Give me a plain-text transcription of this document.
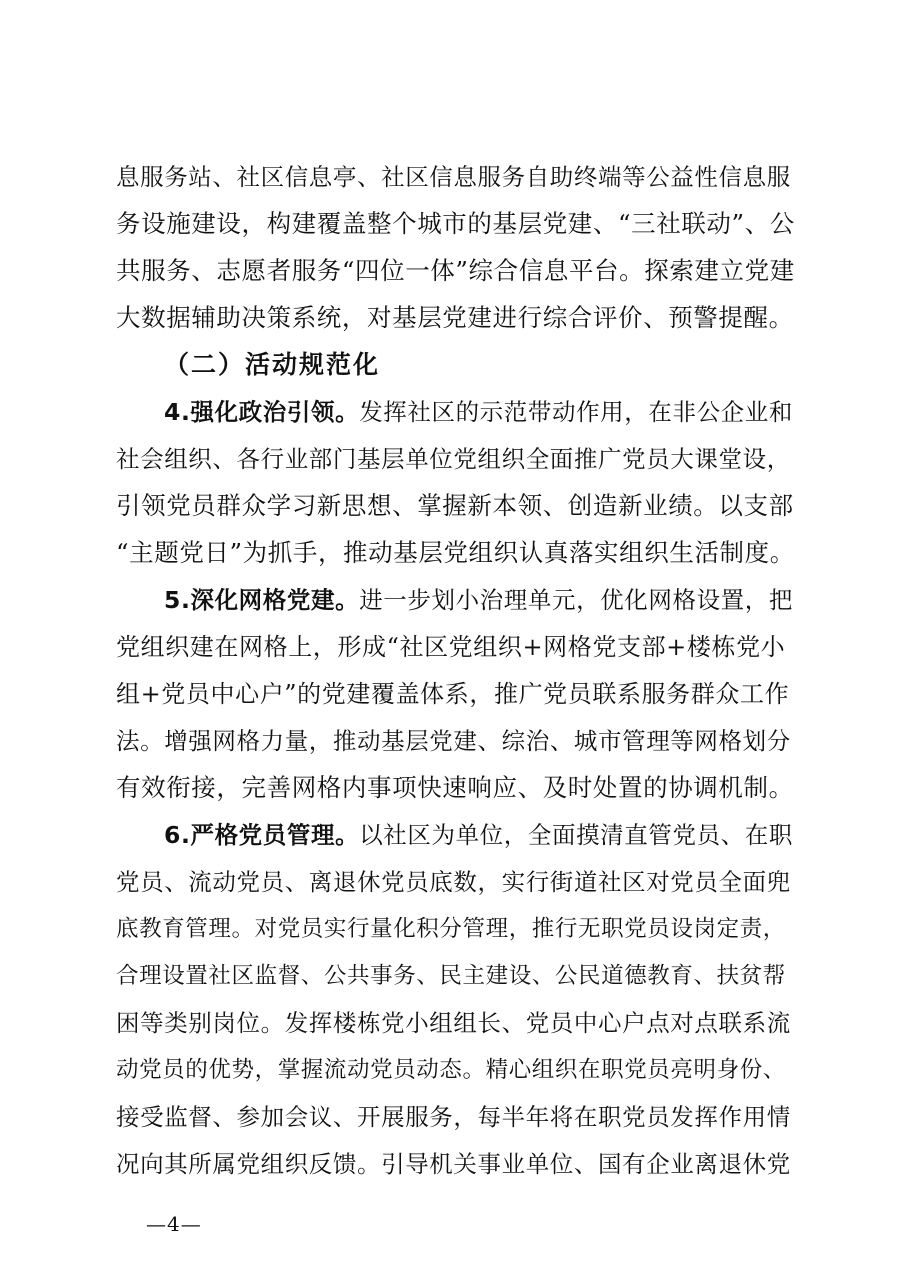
息服务站、社区信息亭、社区信息服务自助终端等公益性信息服
务设施建设，构建覆盖整个城市的基层党建、“三社联动”、公
共服务、志愿者服务“四位一体”综合信息平台。探索建立党建
大数据辅助决策系统，对基层党建进行综合评价、预警提醒。
（二）活动规范化
4.强化政治引领。发挥社区的示范带动作用，在非公企业和
社会组织、各行业部门基层单位党组织全面推广党员大课堂设，
引领党员群众学习新思想、掌握新本领、创造新业绩。以支部
“主题党日”为抓手，推动基层党组织认真落实组织生活制度。
5.深化网格党建。进一步划小治理单元，优化网格设置，把
党组织建在网格上，形成“社区党组织+网格党支部+楼栋党小
组+党员中心户”的党建覆盖体系，推广党员联系服务群众工作
法。增强网格力量，推动基层党建、综治、城市管理等网格划分
有效衔接，完善网格内事项快速响应、及时处置的协调机制。
6.严格党员管理。以社区为单位，全面摸清直管党员、在职
党员、流动党员、离退休党员底数，实行街道社区对党员全面兜
底教育管理。对党员实行量化积分管理，推行无职党员设岗定责，
合理设置社区监督、公共事务、民主建设、公民道德教育、扶贫帮
困等类别岗位。发挥楼栋党小组组长、党员中心户点对点联系流
动党员的优势，掌握流动党员动态。精心组织在职党员亮明身份、
接受监督、参加会议、开展服务，每半年将在职党员发挥作用情
况向其所属党组织反馈。引导机关事业单位、国有企业离退休党
—4—
